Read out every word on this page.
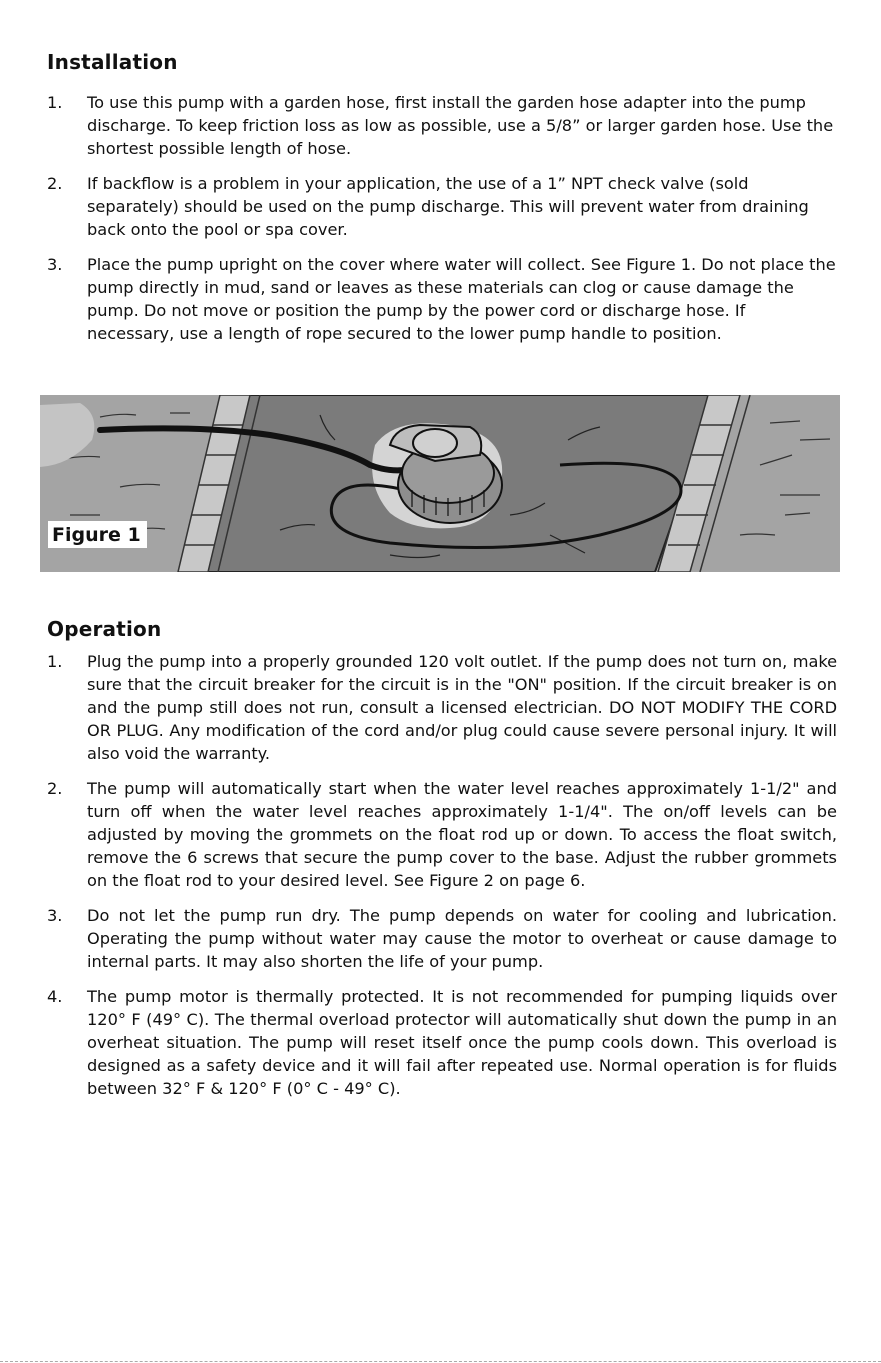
Installation
1. To use this pump with a garden hose, first install the garden hose adapter into the pump discharge. To keep friction loss as low as possible, use a 5/8” or larger garden hose. Use the shortest possible length of hose.
2. If backflow is a problem in your application, the use of a 1” NPT check valve (sold separately) should be used on the pump discharge. This will prevent water from draining back onto the pool or spa cover.
3. Place the pump upright on the cover where water will collect. See Figure 1. Do not place the pump directly in mud, sand or leaves as these materials can clog or cause damage the pump. Do not move or position the pump by the power cord or discharge hose. If necessary, use a length of rope secured to the lower pump handle to position.
Figure 1
Operation
1. Plug the pump into a properly grounded 120 volt outlet. If the pump does not turn on, make sure that the circuit breaker for the circuit is in the "ON" position. If the circuit breaker is on and the pump still does not run, consult a licensed electrician. DO NOT MODIFY THE CORD OR PLUG. Any modification of the cord and/or plug could cause severe personal injury. It will also void the warranty.
2. The pump will automatically start when the water level reaches approximately 1-1/2" and turn off when the water level reaches approximately 1-1/4". The on/off levels can be adjusted by moving the grommets on the float rod up or down. To access the float switch, remove the 6 screws that secure the pump cover to the base. Adjust the rubber grommets on the float rod to your desired level. See Figure 2 on page 6.
3. Do not let the pump run dry. The pump depends on water for cooling and lubrication. Operating the pump without water may cause the motor to overheat or cause damage to internal parts. It may also shorten the life of your pump.
4. The pump motor is thermally protected. It is not recommended for pumping liquids over 120° F (49° C). The thermal overload protector will automatically shut down the pump in an overheat situation. The pump will reset itself once the pump cools down. This overload is designed as a safety device and it will fail after repeated use. Normal operation is for fluids between 32° F & 120° F (0° C - 49° C).
